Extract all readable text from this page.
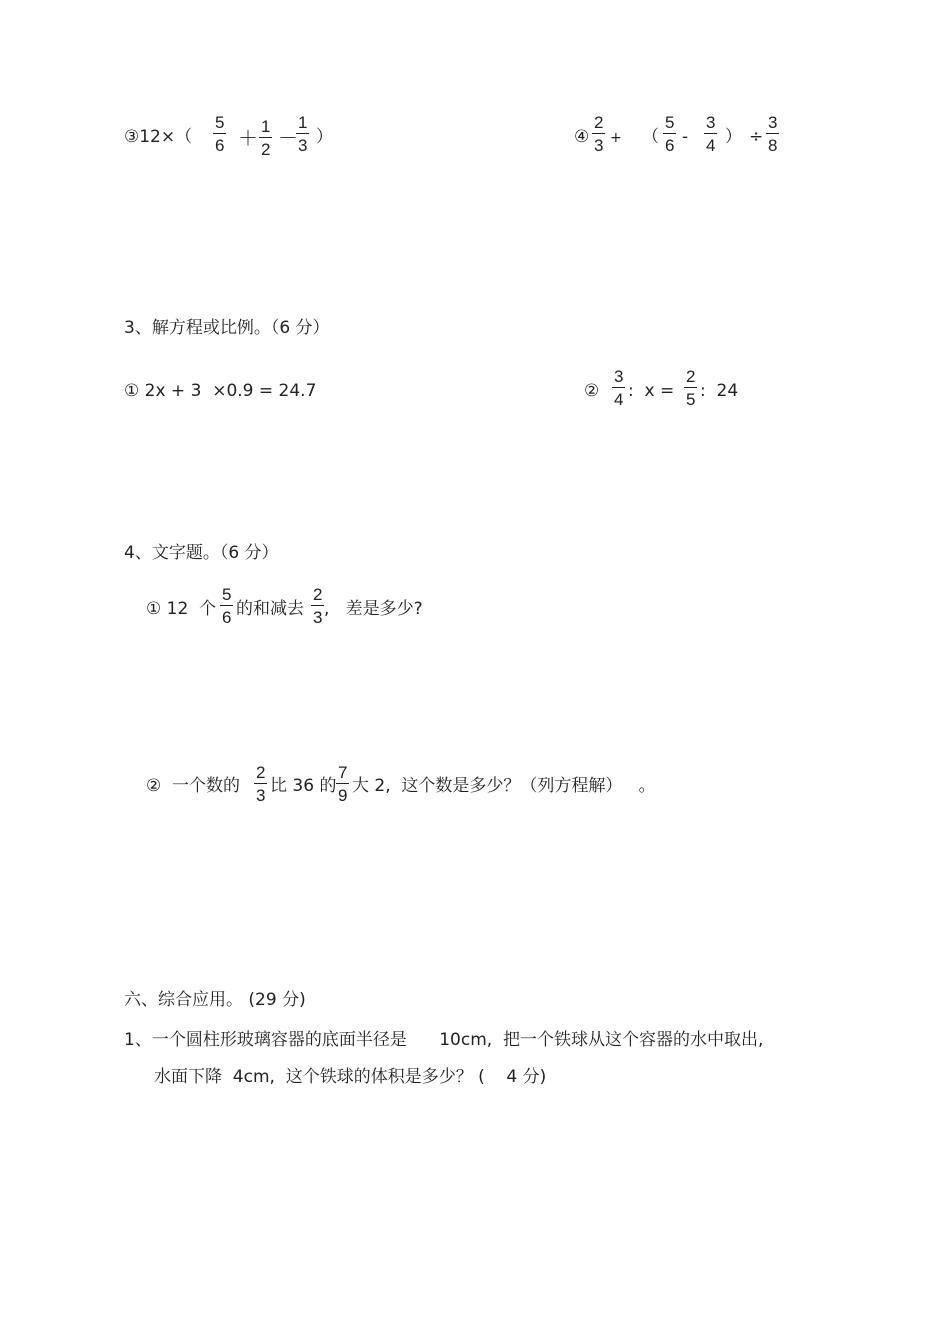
③12×（ $\frac{5}{6} + \frac{1}{2}$ －
$\frac{1}{3}$ ）	④ $\frac{2}{3}$ + （ $\frac{5}{6} - \frac{3}{4}$ ） ÷ $\frac{3}{8}$
3、解方程或比例。（6 分）
① 2x + 3  ×0.9 = 24.7	② $\frac{3}{4}$ :  $x = \frac{2}{5}$ :  24
4、文字题。（6 分）
① 12  个 $\frac{5}{6}$ 的和减去 $\frac{2}{3}$ ,   差是多少?
②  一个数的 $\frac{2}{3}$ 比 36 的 $\frac{7}{9}$ 大 2,  这个数是多少？（列方程解）   。
六、综合应用。 (29 分)
1、一个圆柱形玻璃容器的底面半径是      10cm,  把一个铁球从这个容器的水中取出,
水面下降  4cm,  这个铁球的体积是多少？ (    4 分)
